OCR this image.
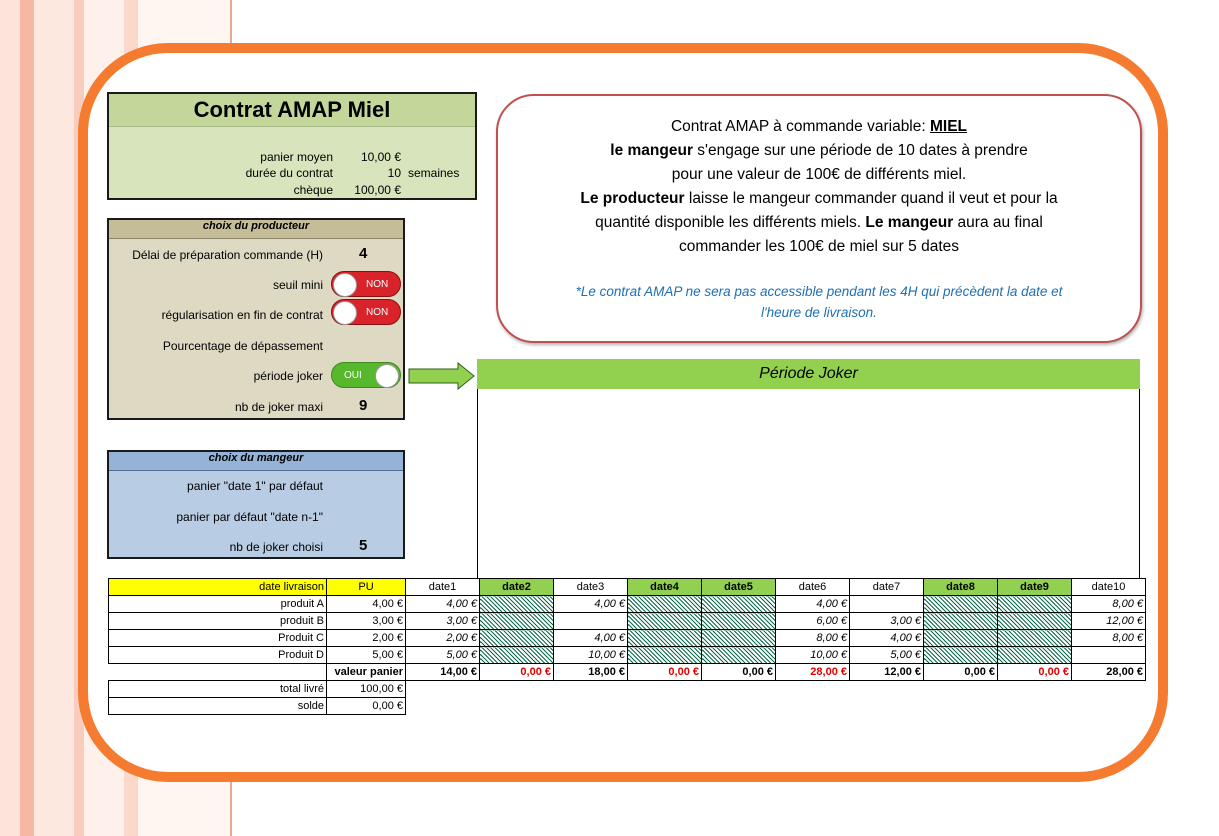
Contrat AMAP Miel
panier moyen 10,00 €
durée du contrat	10 semaines
chèque 100,00 €
choix du producteur
Délai de préparation commande (H) 4
seuil mini	NON
régularisation en fin de contrat	NON
Pourcentage de dépassement
période joker OUI
nb de joker maxi 9
choix du mangeur
panier "date 1" par défaut
panier par défaut "date n-1"
nb de joker choisi 5
Contrat AMAP à commande variable: MIEL
le mangeur s'engage sur une période de 10 dates à prendre
pour une valeur de 100€ de différents miel.
Le producteur laisse le mangeur commander quand il veut et pour la
quantité disponible les différents miels. Le mangeur aura au final
commander les 100€ de miel sur 5 dates
*Le contrat AMAP ne sera pas accessible pendant les 4H qui précèdent la date et
l'heure de livraison.
Période Joker
date livraison	PU	date1	date2	date3	date4	date5	date6	date7	date8	date9	date10
produit A	4,00 €	4,00 €		4,00 €			4,00 €				8,00 €
produit B	3,00 €	3,00 €					6,00 €	3,00 €			12,00 €
Produit C	2,00 €	2,00 €		4,00 €			8,00 €	4,00 €			8,00 €
Produit D	5,00 €	5,00 €		10,00 €			10,00 €	5,00 €			
	valeur panier	14,00 €	0,00 €	18,00 €	0,00 €	0,00 €	28,00 €	12,00 €	0,00 €	0,00 €	28,00 €
total livré	100,00 €										
solde	0,00 €										
